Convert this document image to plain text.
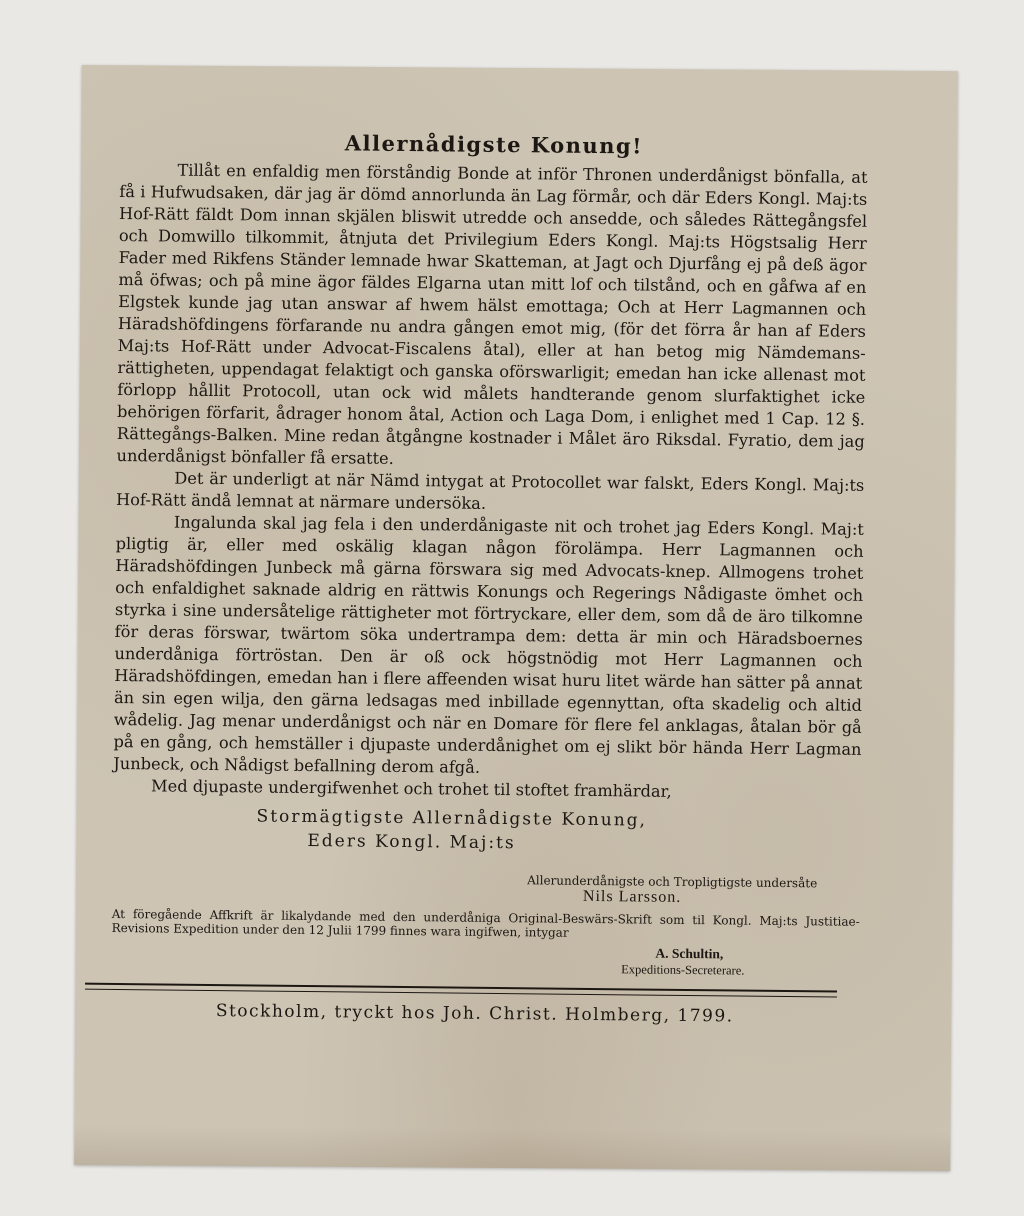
Allernådigste Konung!

Tillåt en enfaldig men förståndig Bonde at inför Thronen underdånigst bönfalla, at få i Hufwudsaken, där jag är dömd annorlunda än Lag förmår, och där Eders Kongl. Maj:ts Hof-Rätt fäldt Dom innan skjälen bliswit utredde och ansedde, och således Rättegångsfel och Domwillo tilkommit, åtnjuta det Privilegium Eders Kongl. Maj:ts Högstsalig Herr Fader med Rikfens Ständer lemnade hwar Skatteman, at Jagt och Djurfång ej på deß ägor må öfwas; och på mine ägor fäldes Elgarna utan mitt lof och tilstånd, och en gåfwa af en Elgstek kunde jag utan answar af hwem hälst emottaga; Och at Herr Lagmannen och Häradshöfdingens förfarande nu andra gången emot mig, (för det förra år han af Eders Maj:ts Hof-Rätt under Advocat-Fiscalens åtal), eller at han betog mig Nämdemans-rättigheten, uppendagat felaktigt och ganska oförswarligit; emedan han icke allenast mot förlopp hållit Protocoll, utan ock wid målets handterande genom slurfaktighet icke behörigen förfarit, ådrager honom åtal, Action och Laga Dom, i enlighet med 1 Cap. 12 §. Rättegångs-Balken. Mine redan åtgångne kostnader i Målet äro Riksdal. Fyratio, dem jag underdånigst bönfaller få ersatte.

Det är underligt at när Nämd intygat at Protocollet war falskt, Eders Kongl. Maj:ts Hof-Rätt ändå lemnat at närmare undersöka.

Ingalunda skal jag fela i den underdånigaste nit och trohet jag Eders Kongl. Maj:t pligtig är, eller med oskälig klagan någon förolämpa. Herr Lagmannen och Häradshöfdingen Junbeck må gärna förswara sig med Advocats-knep. Allmogens trohet och enfaldighet saknade aldrig en rättwis Konungs och Regerings Nådigaste ömhet och styrka i sine undersåtelige rättigheter mot förtryckare, eller dem, som då de äro tilkomne för deras förswar, twärtom söka undertrampa dem: detta är min och Häradsboernes underdåniga förtröstan. Den är oß ock högstnödig mot Herr Lagmannen och Häradshöfdingen, emedan han i flere affeenden wisat huru litet wärde han sätter på annat än sin egen wilja, den gärna ledsagas med inbillade egennyttan, ofta skadelig och altid wådelig. Jag menar underdånigst och när en Domare för flere fel anklagas, åtalan bör gå på en gång, och hemställer i djupaste underdånighet om ej slikt bör hända Herr Lagman Junbeck, och Nådigst befallning derom afgå.

Med djupaste undergifwenhet och trohet til stoftet framhärdar,

Stormägtigste Allernådigste Konung,
Eders Kongl. Maj:ts
Allerunderdånigste och Tropligtigste undersåte
Nils Larsson.

At föregående Affkrift är likalydande med den underdåniga Original-Beswärs-Skrift som til Kongl. Maj:ts Justitiae-Revisions Expedition under den 12 Julii 1799 finnes wara ingifwen, intygar

A. Schultin,
Expeditions-Secreterare.
Stockholm, tryckt hos Joh. Christ. Holmberg, 1799.
